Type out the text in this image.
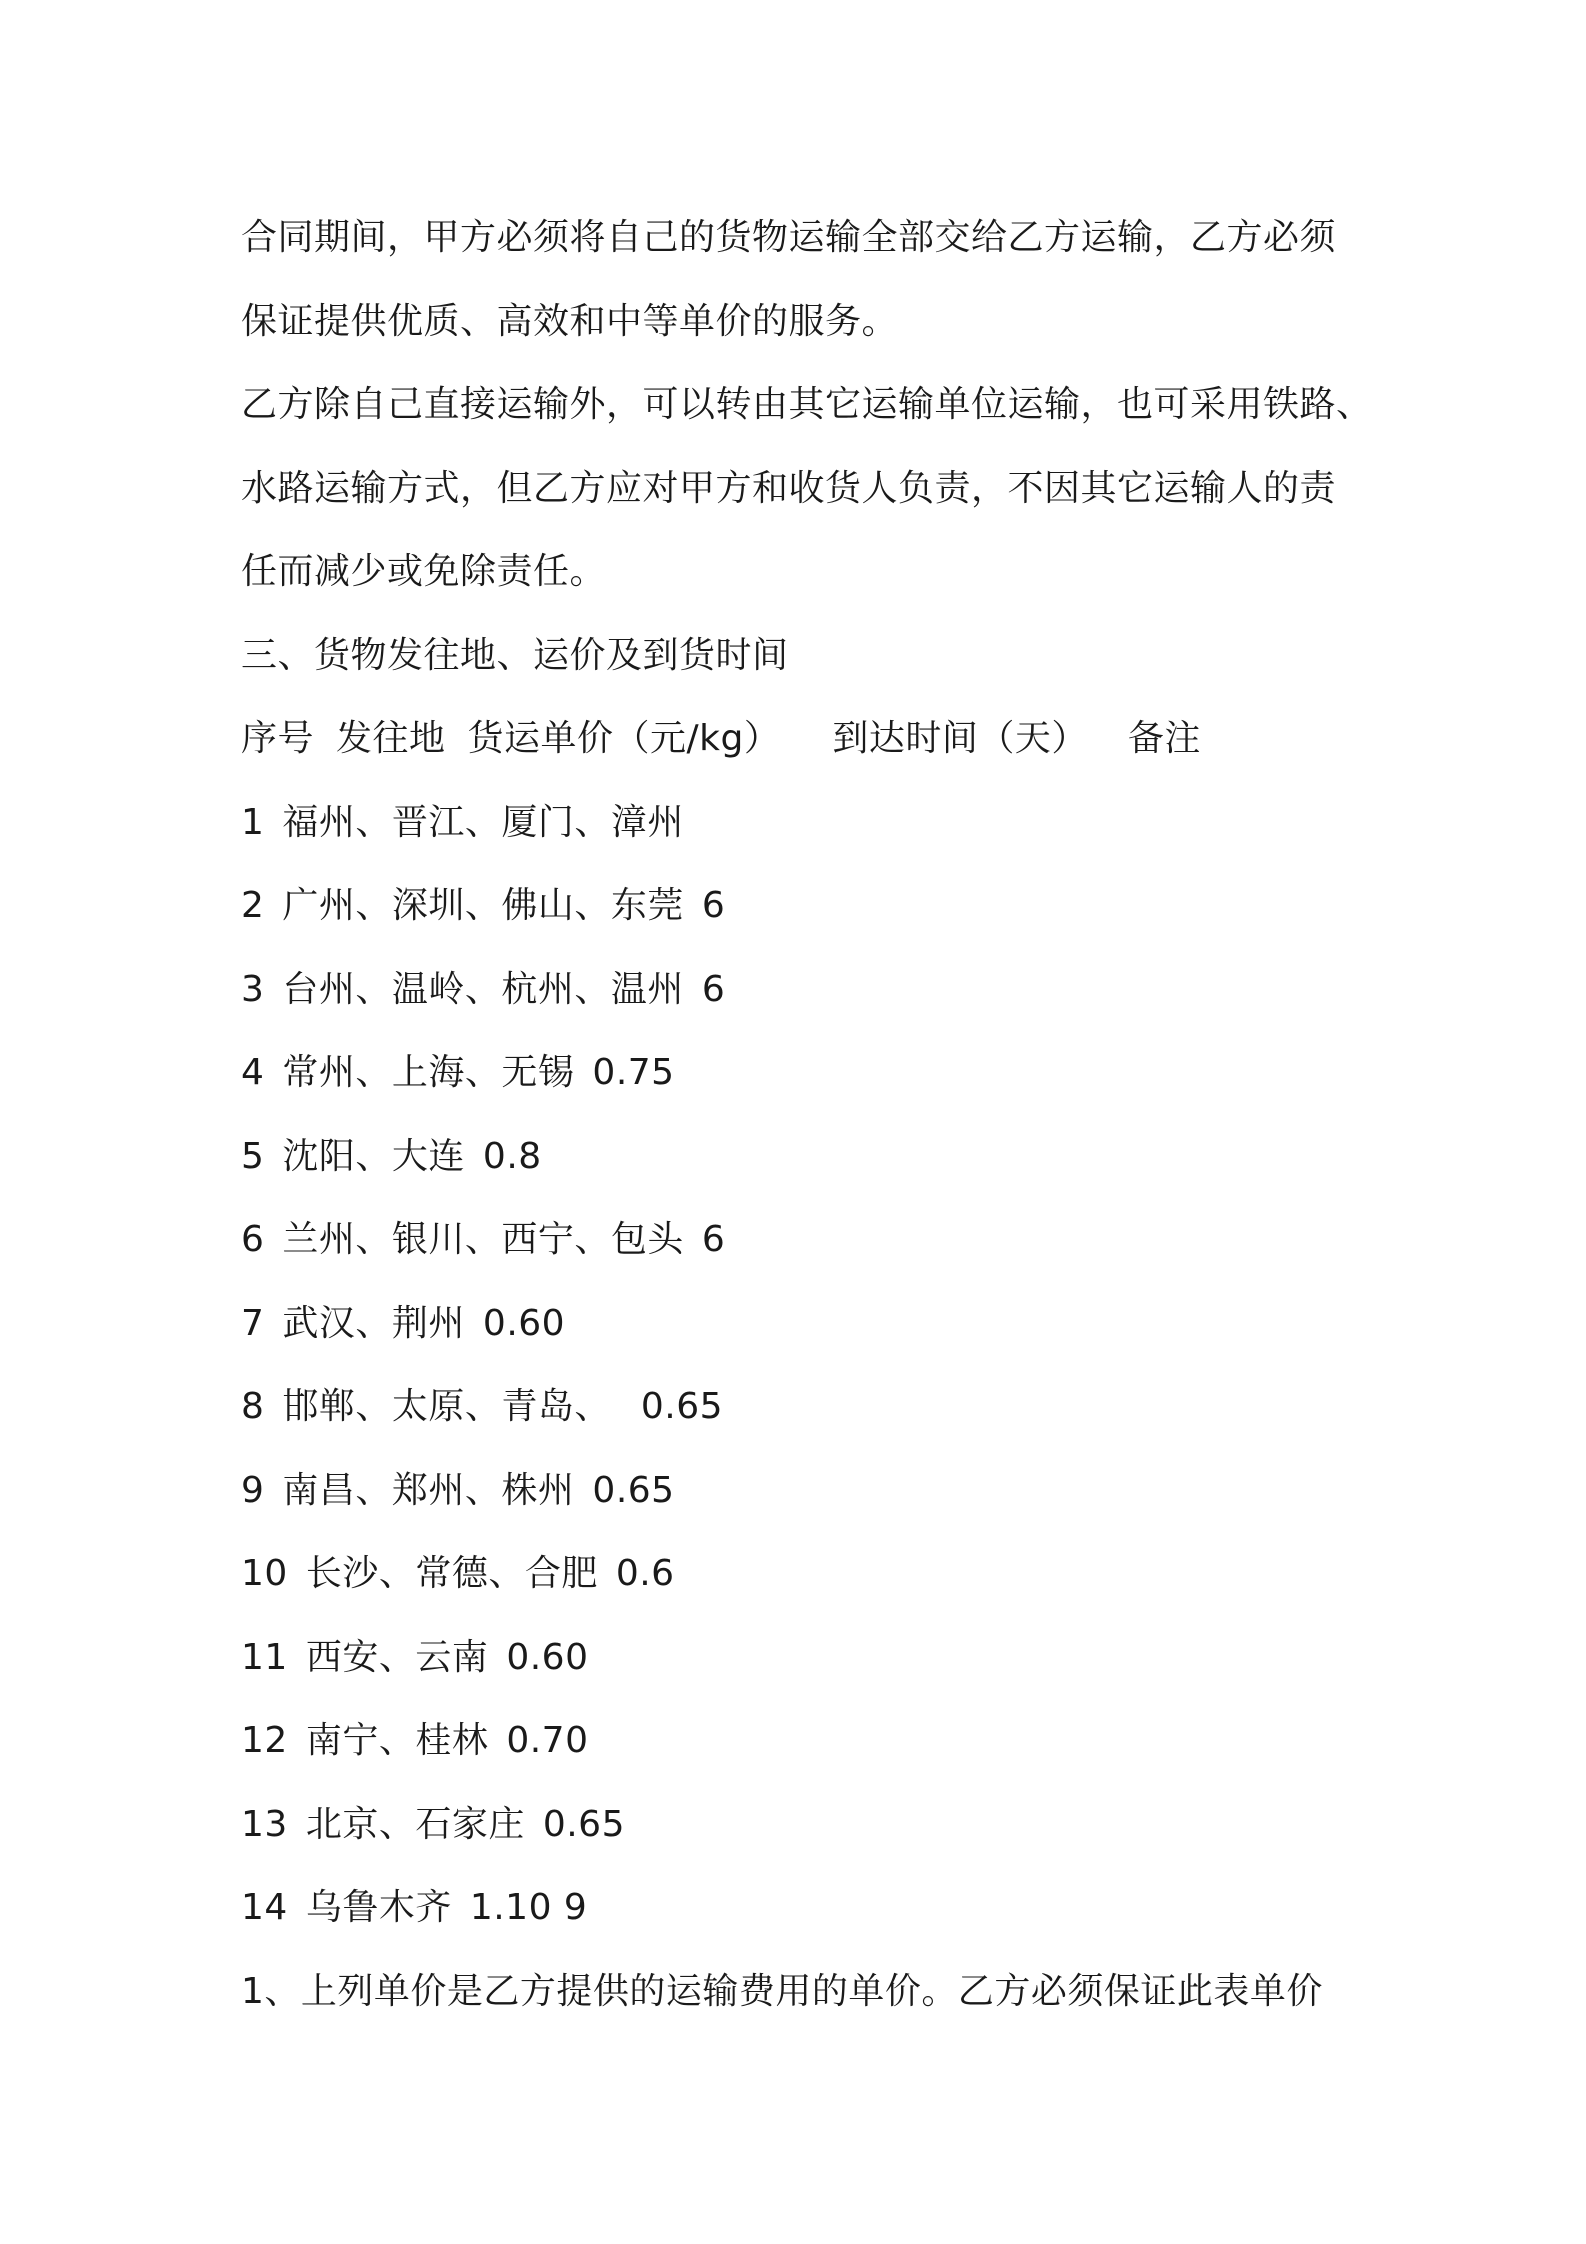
合同期间，甲方必须将自己的货物运输全部交给乙方运输，乙方必须
保证提供优质、高效和中等单价的服务。
乙方除自己直接运输外，可以转由其它运输单位运输，也可采用铁路、
水路运输方式，但乙方应对甲方和收货人负责，不因其它运输人的责
任而减少或免除责任。
三、货物发往地、运价及到货时间
序号 发往地 货运单价（元/kg） 到达时间（天） 备注
1 福州、晋江、厦门、漳州
2 广州、深圳、佛山、东莞 6
3 台州、温岭、杭州、温州 6
4 常州、上海、无锡 0.75
5 沈阳、大连 0.8
6 兰州、银川、西宁、包头 6
7 武汉、荆州 0.60
8 邯郸、太原、青岛、 0.65
9 南昌、郑州、株州 0.65
10 长沙、常德、合肥 0.6
11 西安、云南 0.60
12 南宁、桂林 0.70
13 北京、石家庄 0.65
14 乌鲁木齐 1.10 9
1、上列单价是乙方提供的运输费用的单价。乙方必须保证此表单价
